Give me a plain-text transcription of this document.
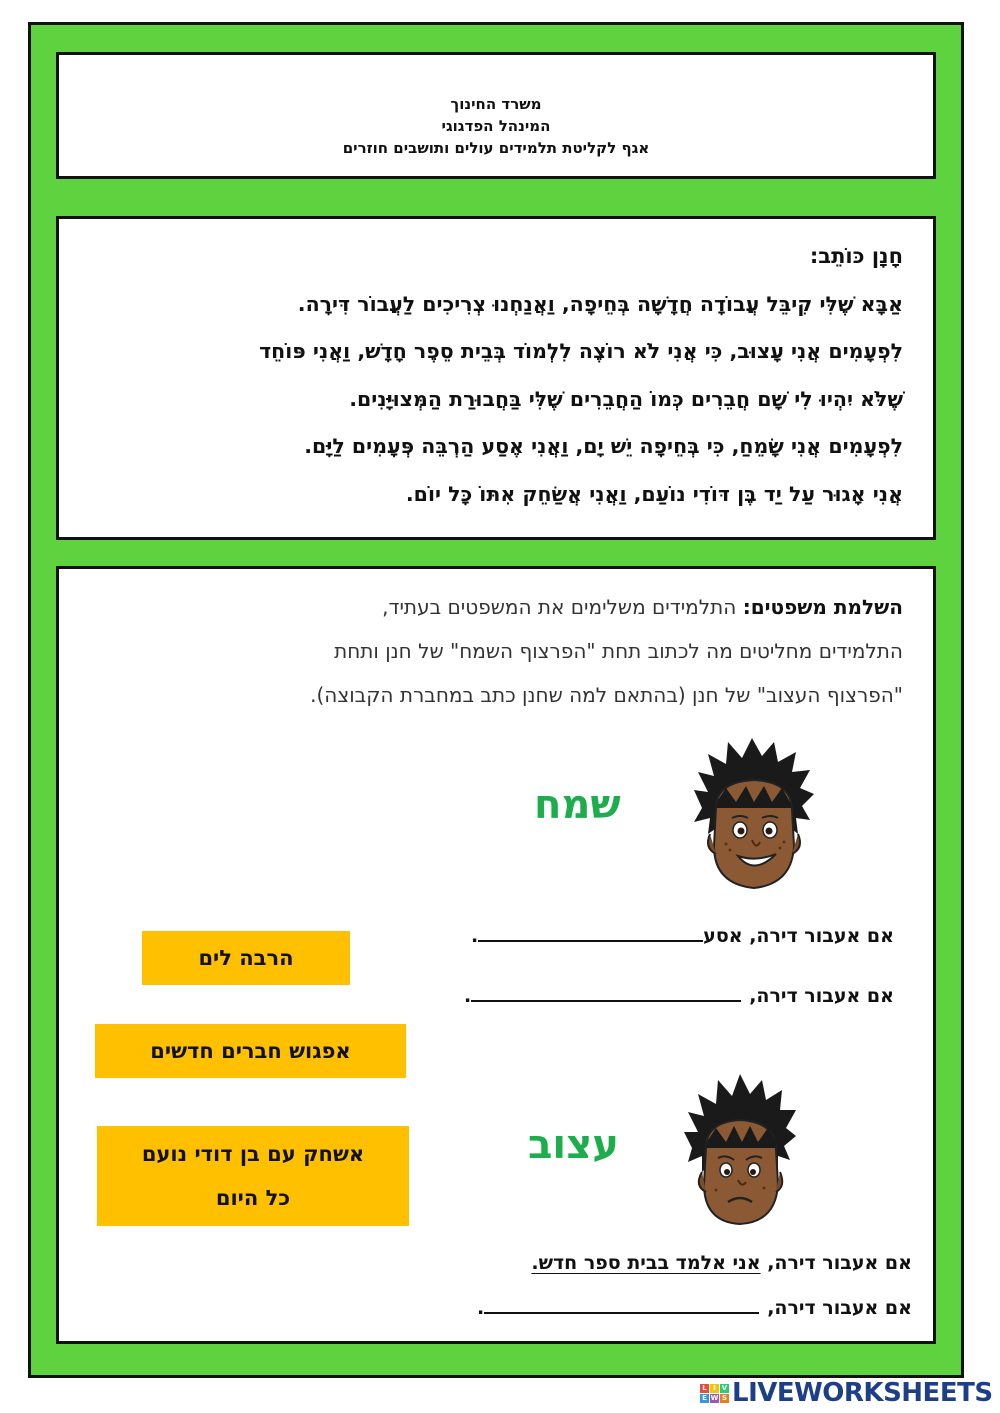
משרד החינוך
המינהל הפדגוגי
אגף לקליטת תלמידים עולים ותושבים חוזרים
חָנָן כּוֹתֵב:
אַבָּא שֶׁלִּי קִיבֵּל עֲבוֹדָה חֲדָשָׁה בְּחֵיפָה, וַאֲנַחְנוּ צְרִיכִים לַעֲבוֹר דִּירָה.
לִפְעָמִים אֲנִי עָצוּב, כִּי אֲנִי לֹא רוֹצֶה לִלְמוֹד בְּבֵית סֵפֶר חָדָשׁ, וַאֲנִי פּוֹחֵד
שֶׁלֹּא יִהְיוּ לִי שָׁם חֲבֵרִים כְּמוֹ הַחֲבֵרִים שֶׁלִּי בַּחֲבוּרַת הַמְּצוּיָּנִים.
לִפְעָמִים אֲנִי שָׂמֵחַ, כִּי בְּחֵיפָה יֵשׁ יָם, וַאֲנִי אֶסַע הַרְבֵּה פְּעָמִים לַיָּם.
אֲנִי אָגוּר עַל יַד בֶּן דּוֹדִי נוֹעַם, וַאֲנִי אֲשַׂחֵק אִתּוֹ כָּל יוֹם.
השלמת משפטים: התלמידים משלימים את המשפטים בעתיד,
התלמידים מחליטים מה לכתוב תחת "הפרצוף השמח" של חנן ותחת
"הפרצוף העצוב" של חנן (בהתאם למה שחנן כתב במחברת הקבוצה).
שמח
אם אעבור דירה, אסע.
אם אעבור דירה,.
הרבה לים
אפגוש חברים חדשים
אשחק עם בן דודי נועם
כל היום
עצוב
אם אעבור דירה, אני אלמד בבית ספר חדש.
אם אעבור דירה,.
L I V
E W S LIVEWORKSHEETS
